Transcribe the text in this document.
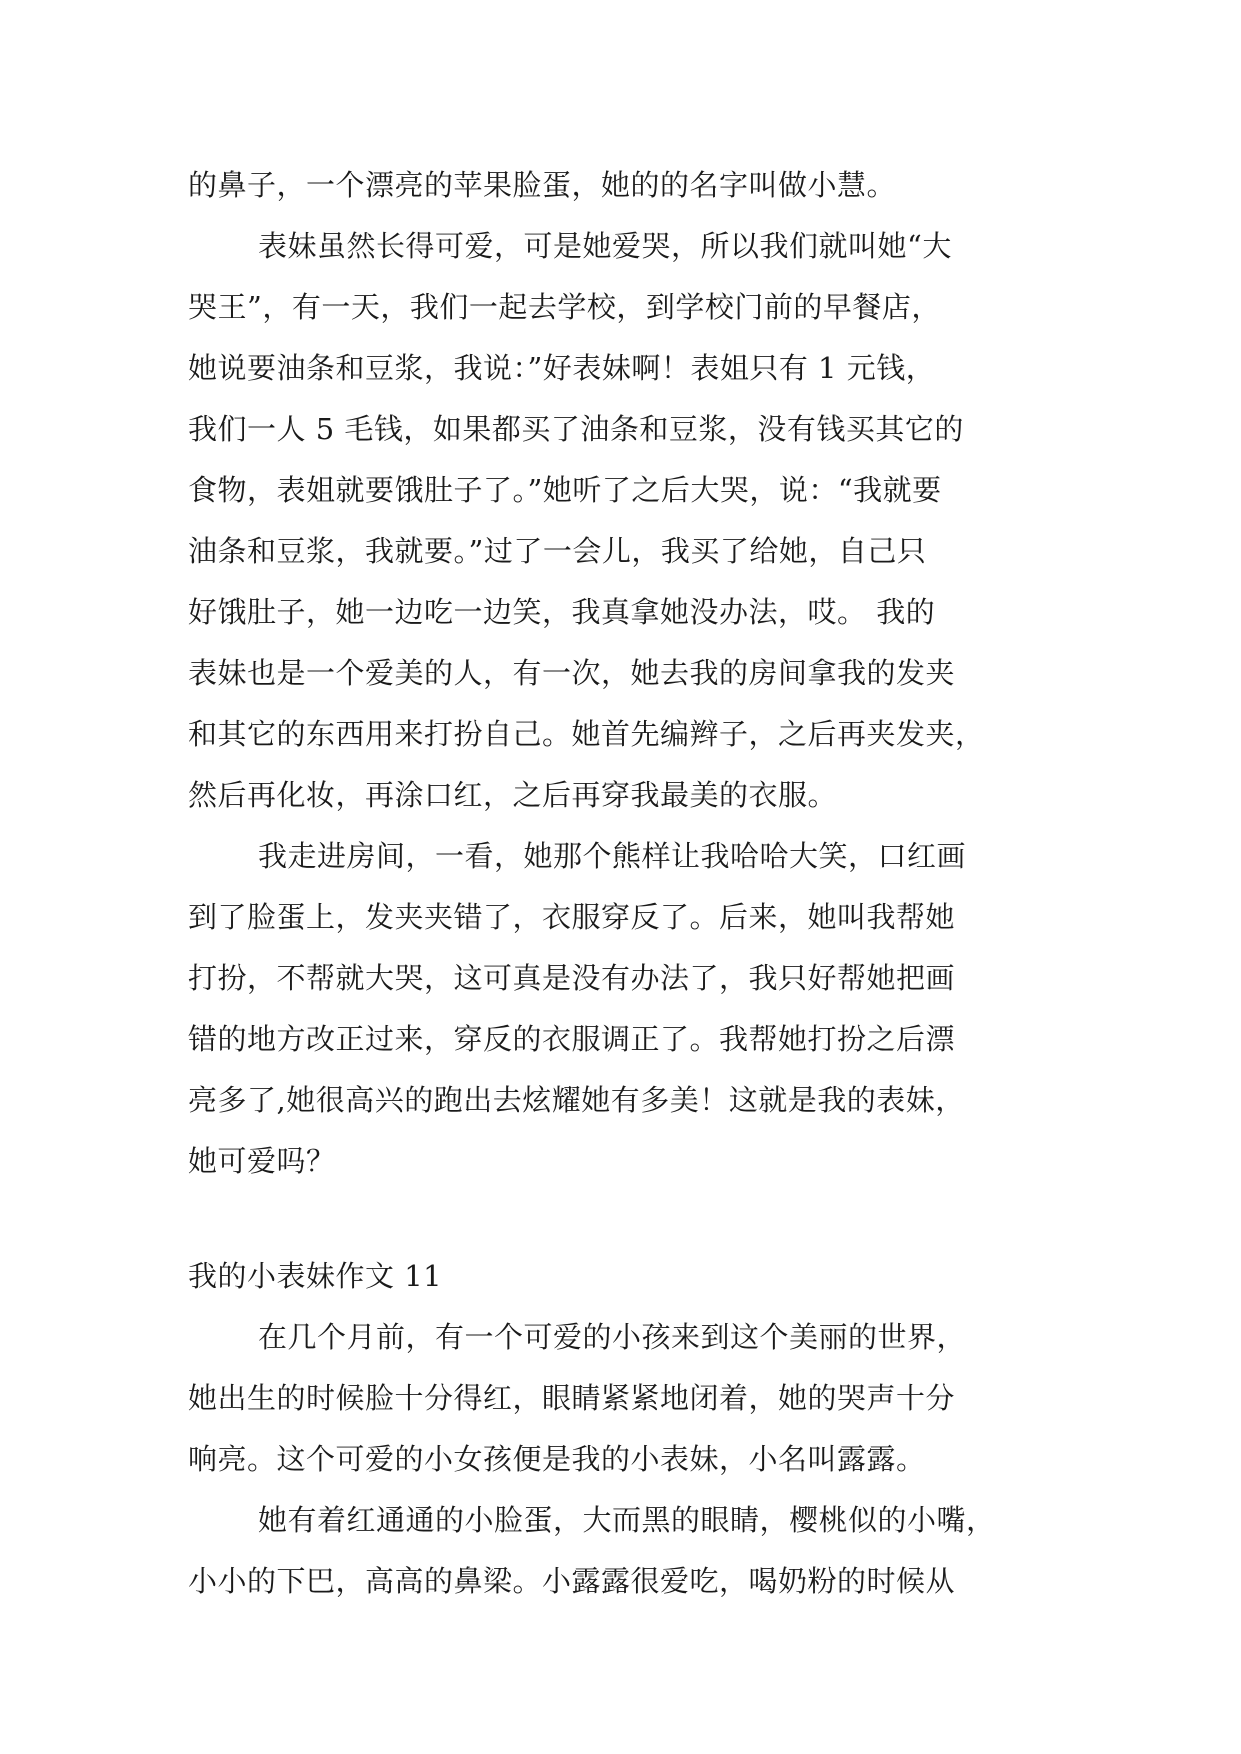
的鼻子，一个漂亮的苹果脸蛋，她的的名字叫做小慧。
表妹虽然长得可爱，可是她爱哭，所以我们就叫她“大
哭王”，有一天，我们一起去学校，到学校门前的早餐店，
她说要油条和豆浆，我说：”好表妹啊！表姐只有 1 元钱，
我们一人 5 毛钱，如果都买了油条和豆浆，没有钱买其它的
食物，表姐就要饿肚子了。”她听了之后大哭，说：“我就要
油条和豆浆，我就要。”过了一会儿，我买了给她，自己只
好饿肚子，她一边吃一边笑，我真拿她没办法，哎。 我的
表妹也是一个爱美的人，有一次，她去我的房间拿我的发夹
和其它的东西用来打扮自己。她首先编辫子，之后再夹发夹，
然后再化妆，再涂口红，之后再穿我最美的衣服。
我走进房间，一看，她那个熊样让我哈哈大笑，口红画
到了脸蛋上，发夹夹错了，衣服穿反了。后来，她叫我帮她
打扮，不帮就大哭，这可真是没有办法了，我只好帮她把画
错的地方改正过来，穿反的衣服调正了。我帮她打扮之后漂
亮多了,她很高兴的跑出去炫耀她有多美！这就是我的表妹，
她可爱吗？
我的小表妹作文 11
在几个月前，有一个可爱的小孩来到这个美丽的世界，
她出生的时候脸十分得红，眼睛紧紧地闭着，她的哭声十分
响亮。这个可爱的小女孩便是我的小表妹，小名叫露露。
她有着红通通的小脸蛋，大而黑的眼睛，樱桃似的小嘴，
小小的下巴，高高的鼻梁。小露露很爱吃，喝奶粉的时候从
